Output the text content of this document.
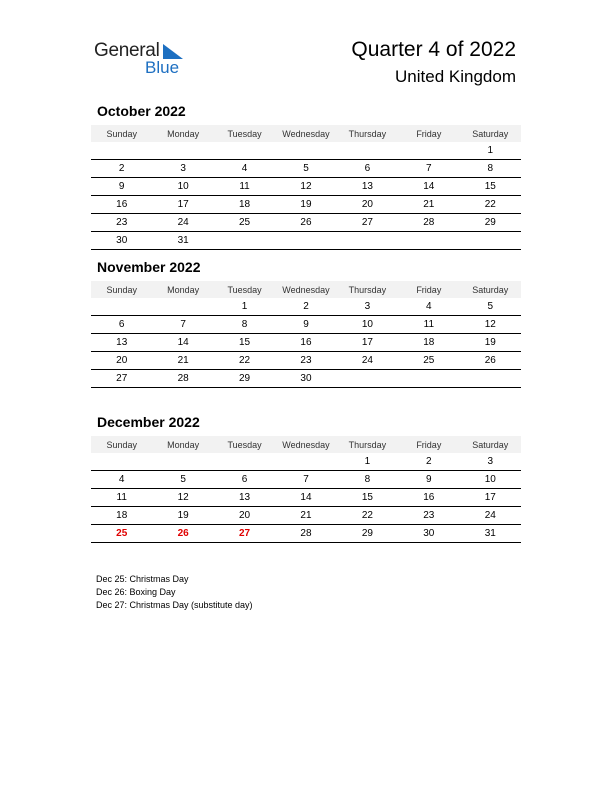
General
Blue
Quarter 4 of 2022
United Kingdom
October 2022
Sunday	Monday	Tuesday	Wednesday	Thursday	Friday	Saturday
						1
2	3	4	5	6	7	8
9	10	11	12	13	14	15
16	17	18	19	20	21	22
23	24	25	26	27	28	29
30	31					
November 2022
Sunday	Monday	Tuesday	Wednesday	Thursday	Friday	Saturday
		1	2	3	4	5
6	7	8	9	10	11	12
13	14	15	16	17	18	19
20	21	22	23	24	25	26
27	28	29	30			
December 2022
Sunday	Monday	Tuesday	Wednesday	Thursday	Friday	Saturday
				1	2	3
4	5	6	7	8	9	10
11	12	13	14	15	16	17
18	19	20	21	22	23	24
25	26	27	28	29	30	31
Dec 25: Christmas Day
Dec 26: Boxing Day
Dec 27: Christmas Day (substitute day)
